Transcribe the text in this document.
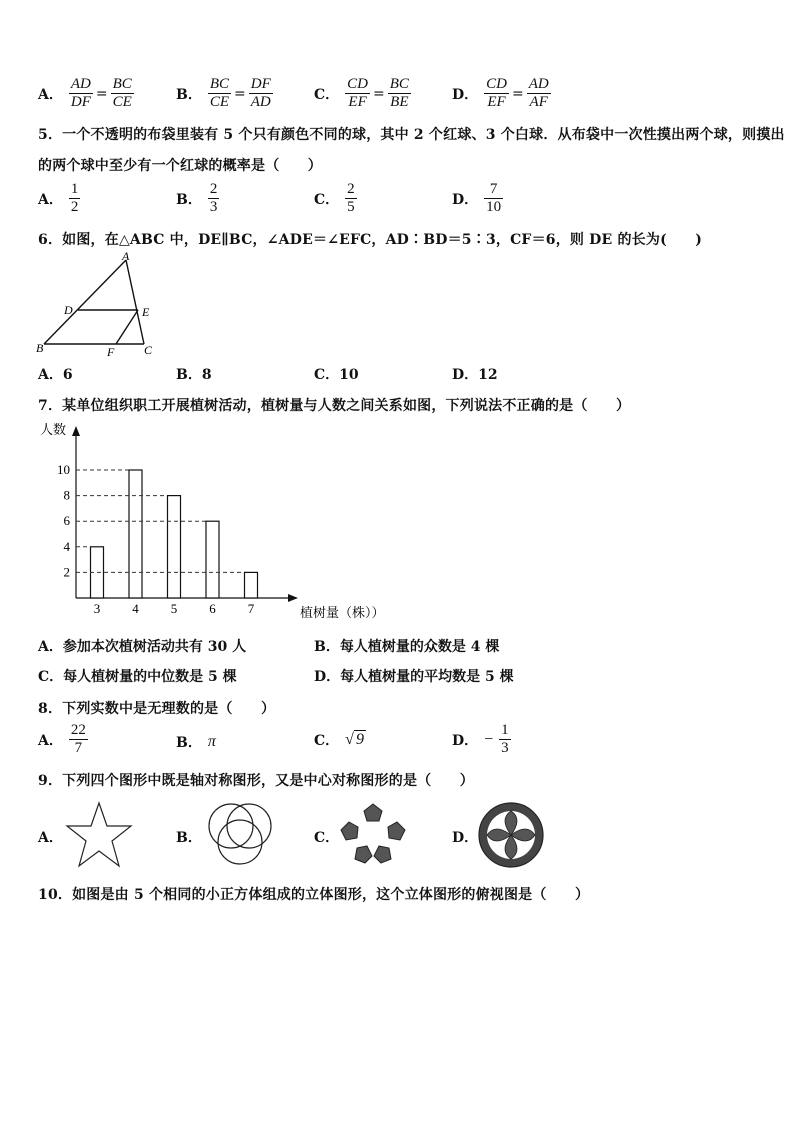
A． $\frac{AD}{DF} = \frac{BC}{CE}$	B． $\frac{BC}{CE} = \frac{DF}{AD}$	C． $\frac{CD}{EF} = \frac{BC}{BE}$	D． $\frac{CD}{EF} = \frac{AD}{AF}$
5．一个不透明的布袋里装有 5 个只有颜色不同的球，其中 2 个红球、3 个白球．从布袋中一次性摸出两个球，则摸出
的两个球中至少有一个红球的概率是（　　）
A． $\frac{1}{2}$	B． $\frac{2}{3}$	C． $\frac{2}{5}$	D． $\frac{7}{10}$
6．如图，在△ABC 中，DE∥BC，∠ADE＝∠EFC，AD∶BD＝5∶3，CF＝6，则 DE 的长为(　　)
A
B	C
D	E
F
A．6	B．8	C．10	D．12
7．某单位组织职工开展植树活动，植树量与人数之间关系如图，下列说法不正确的是（　　）
人数
植树量（株））
3 4 5 6 7
2
4
6
8
10
A．参加本次植树活动共有 30 人	B．每人植树量的众数是 4 棵
C．每人植树量的中位数是 5 棵	D．每人植树量的平均数是 5 棵
8．下列实数中是无理数的是（　　）
A． $\frac{22}{7}$	B． π	C． √ 9	D． − $\frac{1}{3}$
9．下列四个图形中既是轴对称图形，又是中心对称图形的是（　　）
A．	B．	C．	D．
10．如图是由 5 个相同的小正方体组成的立体图形，这个立体图形的俯视图是（　　）
